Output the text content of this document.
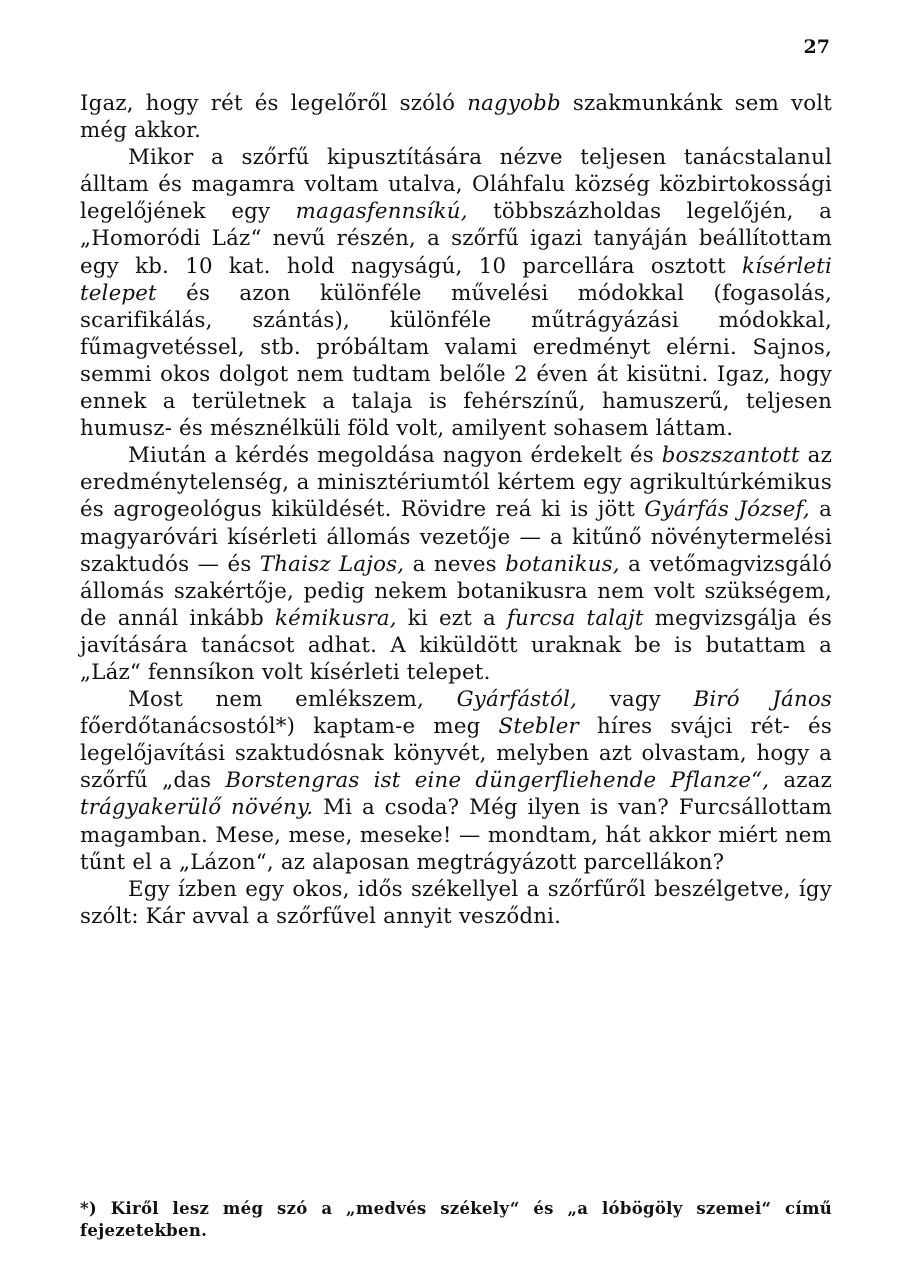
27

Igaz, hogy rét és legelőről szóló nagyobb szakmunkánk sem volt még akkor.

Mikor a szőrfű kipusztítására nézve teljesen tanácstalanul álltam és magamra voltam utalva, Oláhfalu község közbirtokossági legelőjének egy magasfennsíkú, többszázholdas legelőjén, a „Homoródi Láz“ nevű részén, a szőrfű igazi tanyáján beállítottam egy kb. 10 kat. hold nagyságú, 10 parcellára osztott kísérleti telepet és azon különféle művelési módokkal (fogasolás, scarifikálás, szántás), különféle műtrágyázási módokkal, fűmagvetéssel, stb. próbáltam valami eredményt elérni. Sajnos, semmi okos dolgot nem tudtam belőle 2 éven át kisütni. Igaz, hogy ennek a területnek a talaja is fehérszínű, hamuszerű, teljesen humusz- és mésznélküli föld volt, amilyent sohasem láttam.

Miután a kérdés megoldása nagyon érdekelt és boszszantott az eredménytelenség, a minisztériumtól kértem egy agrikultúrkémikus és agrogeológus kiküldését. Rövidre reá ki is jött Gyárfás József, a magyaróvári kísérleti állomás vezetője — a kitűnő növénytermelési szaktudós — és Thaisz Lajos, a neves botanikus, a vetőmagvizsgáló állomás szakértője, pedig nekem botanikusra nem volt szükségem, de annál inkább kémikusra, ki ezt a furcsa talajt megvizsgálja és javítására tanácsot adhat. A kiküldött uraknak be is butattam a „Láz“ fennsíkon volt kísérleti telepet.

Most nem emlékszem, Gyárfástól, vagy Biró János főerdőtanácsostól*) kaptam-e meg Stebler híres svájci rét- és legelőjavítási szaktudósnak könyvét, melyben azt olvastam, hogy a szőrfű „das Borstengras ist eine düngerfliehende Pflanze“, azaz trágyakerülő növény. Mi a csoda? Még ilyen is van? Furcsállottam magamban. Mese, mese, meseke! — mondtam, hát akkor miért nem tűnt el a „Lázon“, az alaposan megtrágyázott parcellákon?

Egy ízben egy okos, idős székellyel a szőrfűről beszélgetve, így szólt: Kár avval a szőrfűvel annyit vesződni.

*) Kiről lesz még szó a „medvés székely“ és „a lóbögöly szemei“ című fejezetekben.
